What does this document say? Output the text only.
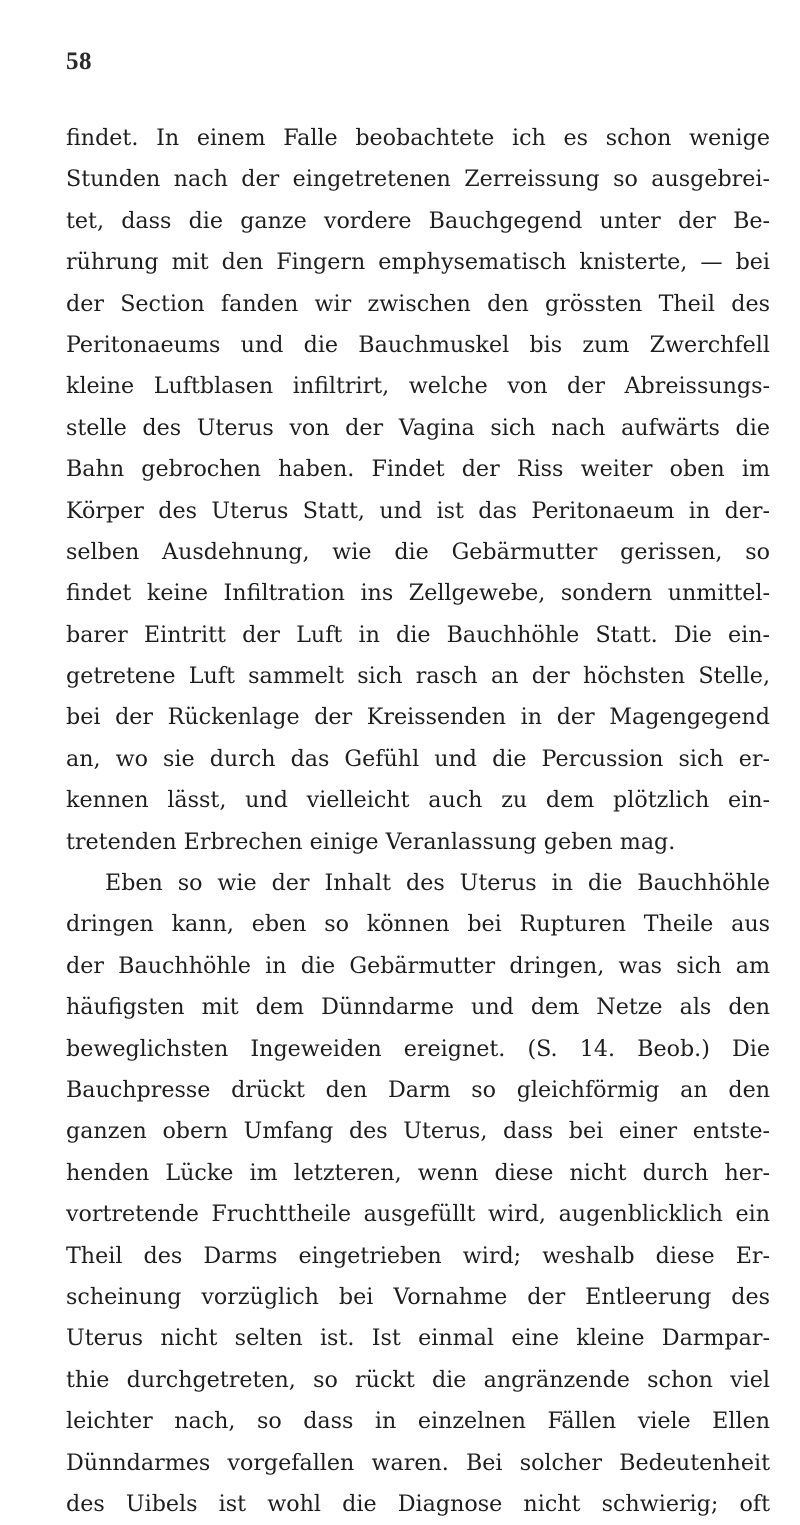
58
findet. In einem Falle beobachtete ich es schon wenige
Stunden nach der eingetretenen Zerreissung so ausgebrei-
tet, dass die ganze vordere Bauchgegend unter der Be-
rührung mit den Fingern emphysematisch knisterte, — bei
der Section fanden wir zwischen den grössten Theil des
Peritonaeums und die Bauchmuskel bis zum Zwerchfell
kleine Luftblasen infiltrirt, welche von der Abreissungs-
stelle des Uterus von der Vagina sich nach aufwärts die
Bahn gebrochen haben. Findet der Riss weiter oben im
Körper des Uterus Statt, und ist das Peritonaeum in der-
selben Ausdehnung, wie die Gebärmutter gerissen, so
findet keine Infiltration ins Zellgewebe, sondern unmittel-
barer Eintritt der Luft in die Bauchhöhle Statt. Die ein-
getretene Luft sammelt sich rasch an der höchsten Stelle,
bei der Rückenlage der Kreissenden in der Magengegend
an, wo sie durch das Gefühl und die Percussion sich er-
kennen lässt, und vielleicht auch zu dem plötzlich ein-
tretenden Erbrechen einige Veranlassung geben mag.
Eben so wie der Inhalt des Uterus in die Bauchhöhle
dringen kann, eben so können bei Rupturen Theile aus
der Bauchhöhle in die Gebärmutter dringen, was sich am
häufigsten mit dem Dünndarme und dem Netze als den
beweglichsten Ingeweiden ereignet. (S. 14. Beob.) Die
Bauchpresse drückt den Darm so gleichförmig an den
ganzen obern Umfang des Uterus, dass bei einer entste-
henden Lücke im letzteren, wenn diese nicht durch her-
vortretende Fruchttheile ausgefüllt wird, augenblicklich ein
Theil des Darms eingetrieben wird; weshalb diese Er-
scheinung vorzüglich bei Vornahme der Entleerung des
Uterus nicht selten ist. Ist einmal eine kleine Darmpar-
thie durchgetreten, so rückt die angränzende schon viel
leichter nach, so dass in einzelnen Fällen viele Ellen
Dünndarmes vorgefallen waren. Bei solcher Bedeutenheit
des Uibels ist wohl die Diagnose nicht schwierig; oft
